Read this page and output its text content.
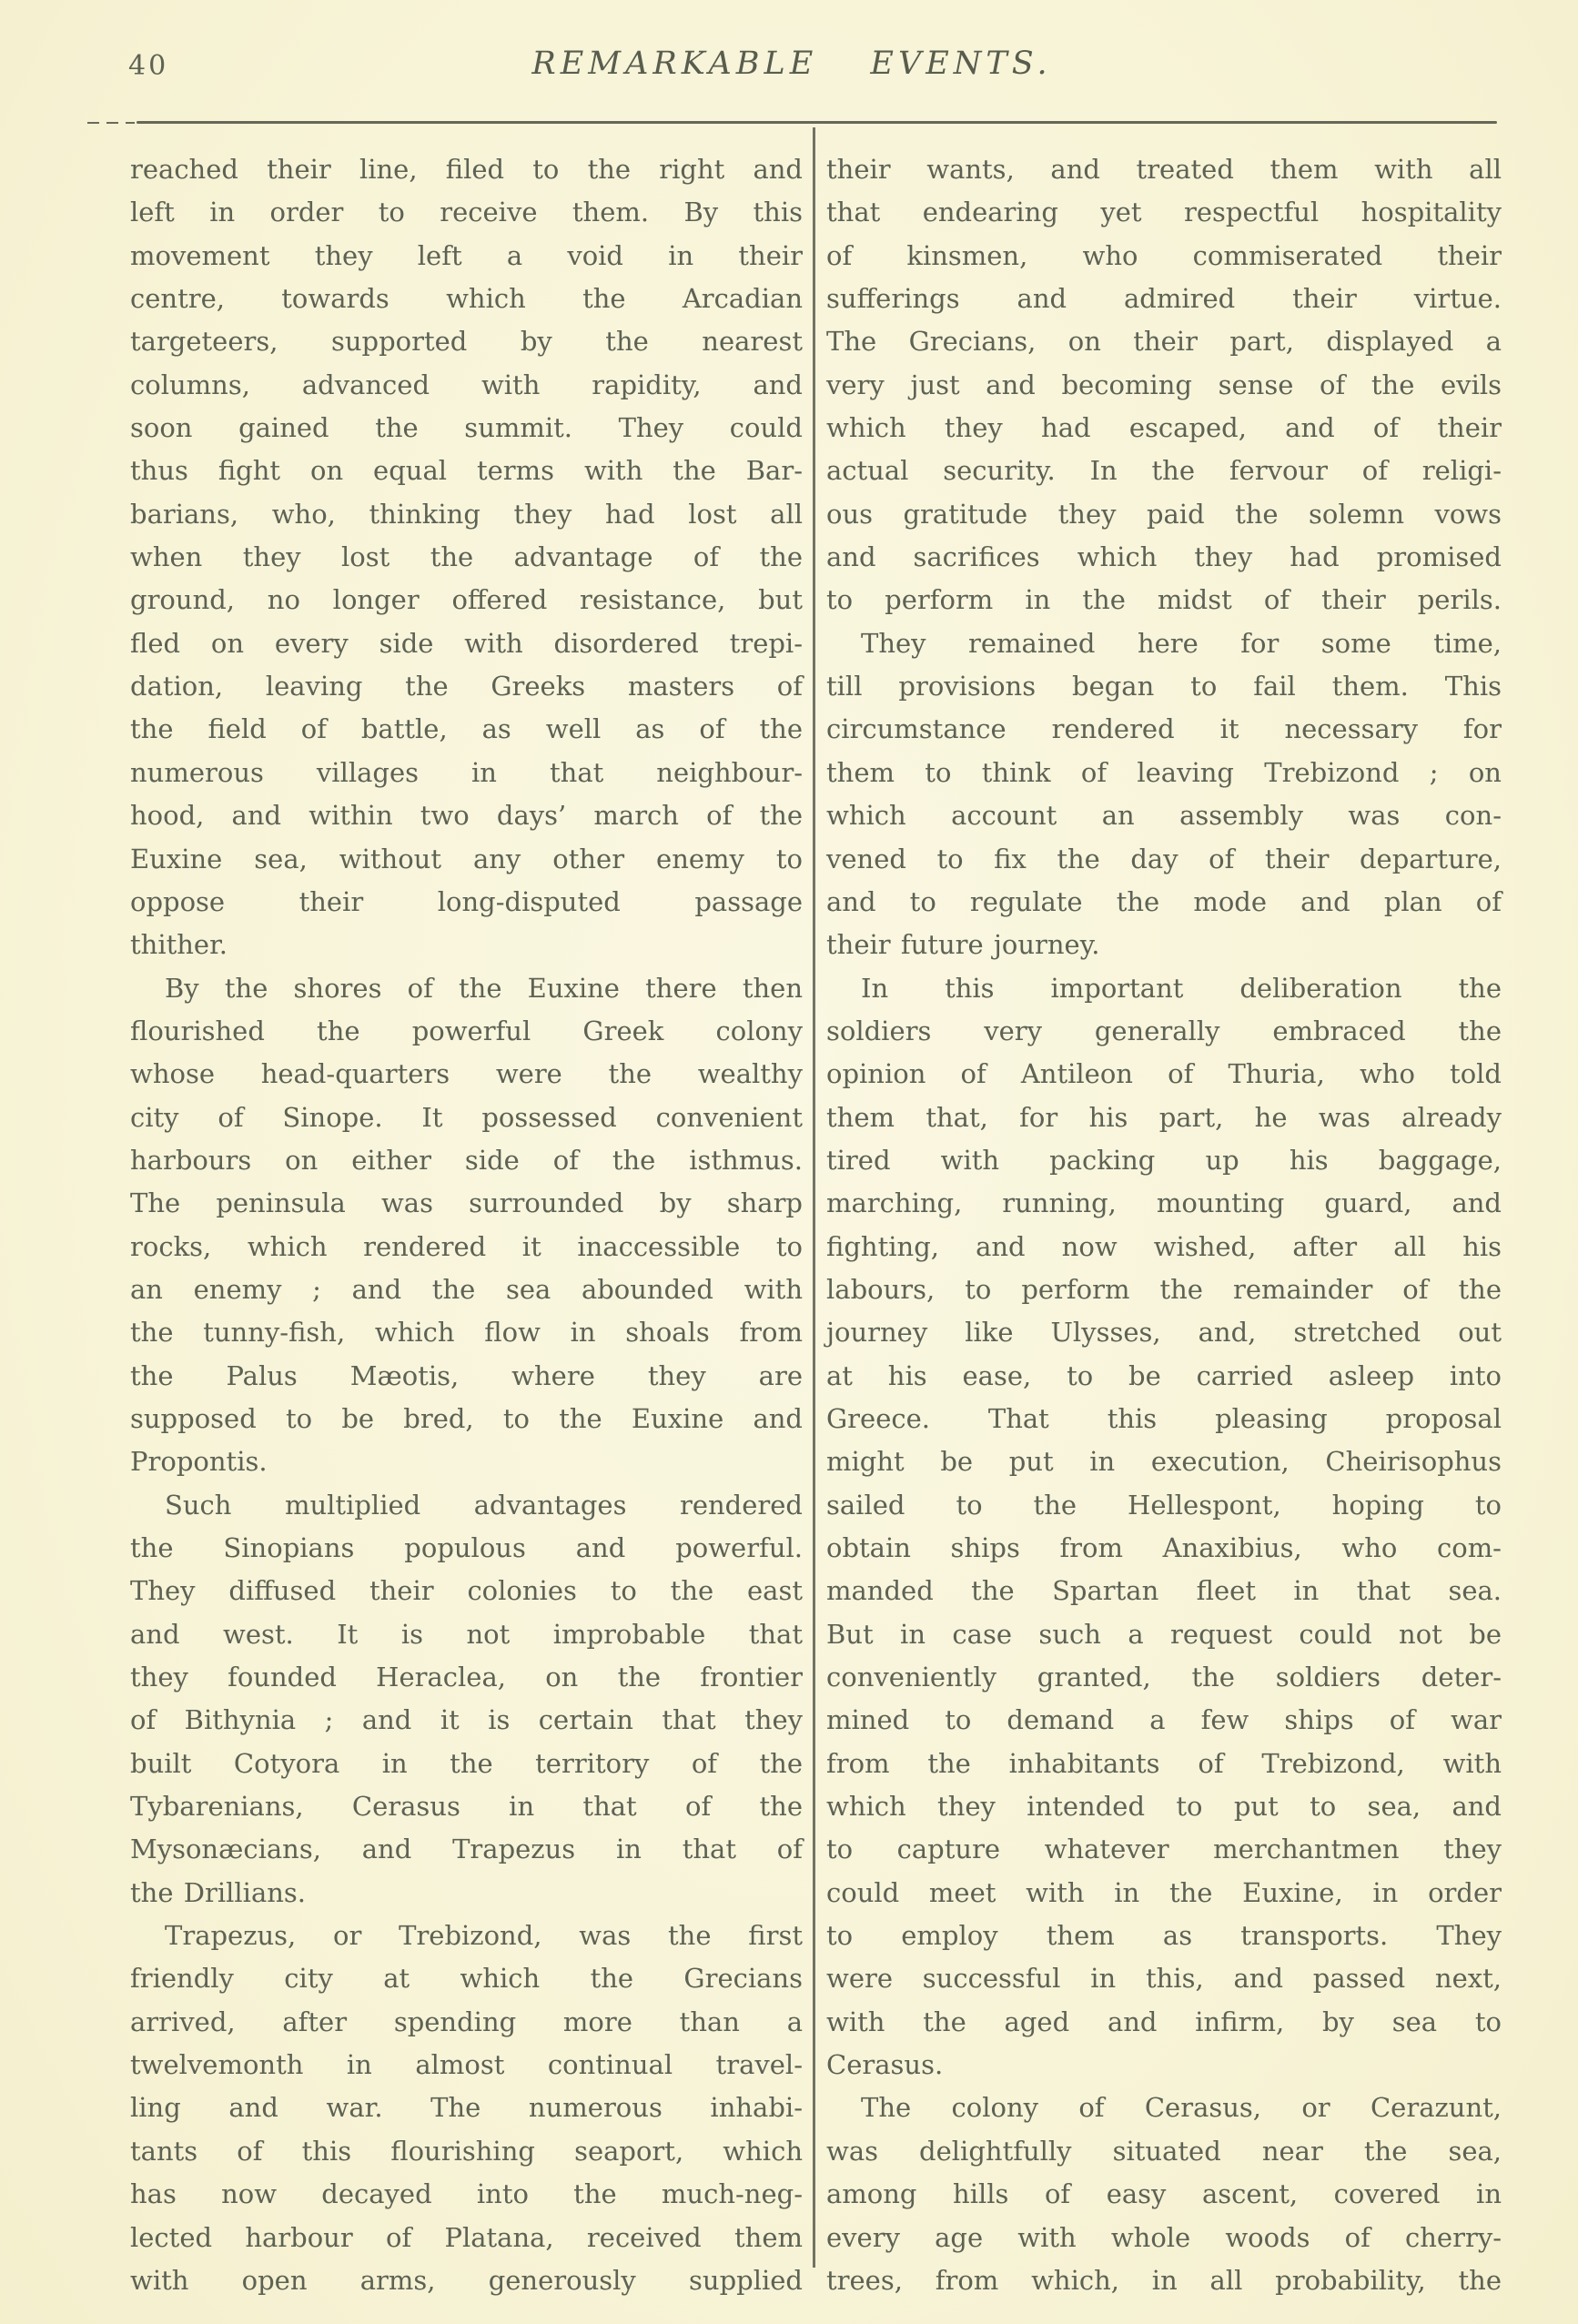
40	REMARKABLE EVENTS.
reached their line, filed to the right and
left in order to receive them. By this
movement they left a void in their
centre, towards which the Arcadian
targeteers, supported by the nearest
columns, advanced with rapidity, and
soon gained the summit. They could
thus fight on equal terms with the Bar-
barians, who, thinking they had lost all
when they lost the advantage of the
ground, no longer offered resistance, but
fled on every side with disordered trepi-
dation, leaving the Greeks masters of
the field of battle, as well as of the
numerous villages in that neighbour-
hood, and within two days’ march of the
Euxine sea, without any other enemy to
oppose their long-disputed passage
thither.
By the shores of the Euxine there then
flourished the powerful Greek colony
whose head-quarters were the wealthy
city of Sinope. It possessed convenient
harbours on either side of the isthmus.
The peninsula was surrounded by sharp
rocks, which rendered it inaccessible to
an enemy ; and the sea abounded with
the tunny-fish, which flow in shoals from
the Palus Mæotis, where they are
supposed to be bred, to the Euxine and
Propontis.
Such multiplied advantages rendered
the Sinopians populous and powerful.
They diffused their colonies to the east
and west. It is not improbable that
they founded Heraclea, on the frontier
of Bithynia ; and it is certain that they
built Cotyora in the territory of the
Tybarenians, Cerasus in that of the
Mysonæcians, and Trapezus in that of
the Drillians.
Trapezus, or Trebizond, was the first
friendly city at which the Grecians
arrived, after spending more than a
twelvemonth in almost continual travel-
ling and war. The numerous inhabi-
tants of this flourishing seaport, which
has now decayed into the much-neg-
lected harbour of Platana, received them
with open arms, generously supplied
their wants, and treated them with all
that endearing yet respectful hospitality
of kinsmen, who commiserated their
sufferings and admired their virtue.
The Grecians, on their part, displayed a
very just and becoming sense of the evils
which they had escaped, and of their
actual security. In the fervour of religi-
ous gratitude they paid the solemn vows
and sacrifices which they had promised
to perform in the midst of their perils.
They remained here for some time,
till provisions began to fail them. This
circumstance rendered it necessary for
them to think of leaving Trebizond ; on
which account an assembly was con-
vened to fix the day of their departure,
and to regulate the mode and plan of
their future journey.
In this important deliberation the
soldiers very generally embraced the
opinion of Antileon of Thuria, who told
them that, for his part, he was already
tired with packing up his baggage,
marching, running, mounting guard, and
fighting, and now wished, after all his
labours, to perform the remainder of the
journey like Ulysses, and, stretched out
at his ease, to be carried asleep into
Greece. That this pleasing proposal
might be put in execution, Cheirisophus
sailed to the Hellespont, hoping to
obtain ships from Anaxibius, who com-
manded the Spartan fleet in that sea.
But in case such a request could not be
conveniently granted, the soldiers deter-
mined to demand a few ships of war
from the inhabitants of Trebizond, with
which they intended to put to sea, and
to capture whatever merchantmen they
could meet with in the Euxine, in order
to employ them as transports. They
were successful in this, and passed next,
with the aged and infirm, by sea to
Cerasus.
The colony of Cerasus, or Cerazunt,
was delightfully situated near the sea,
among hills of easy ascent, covered in
every age with whole woods of cherry-
trees, from which, in all probability, the
